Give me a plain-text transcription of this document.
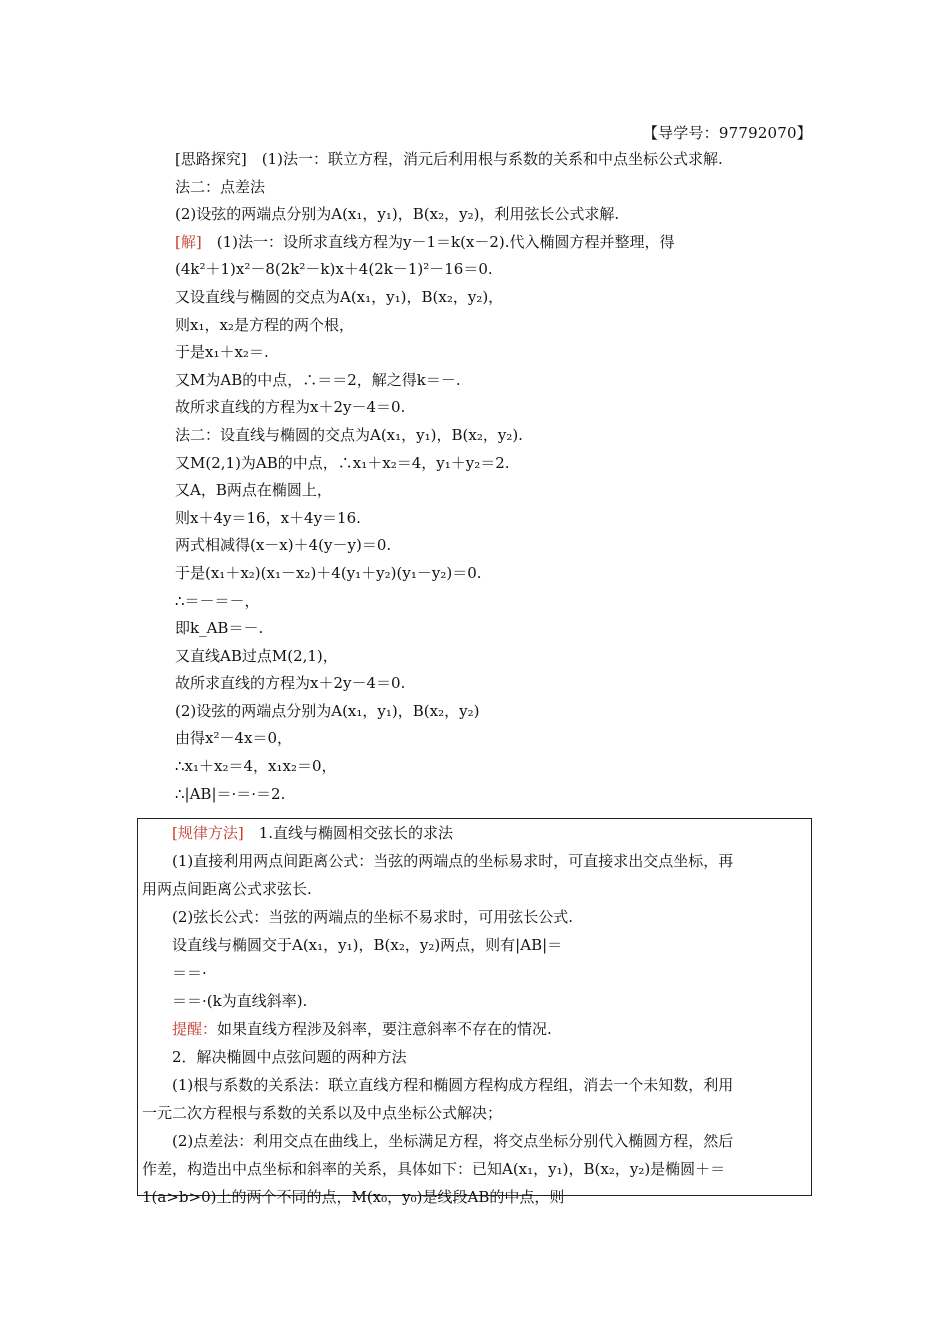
【导学号：97792070】
[思路探究]　(1)法一：联立方程，消元后利用根与系数的关系和中点坐标公式求解.
法二：点差法
(2)设弦的两端点分别为A(x₁，y₁)，B(x₂，y₂)，利用弦长公式求解.
[解]　(1)法一：设所求直线方程为y－1＝k(x－2).代入椭圆方程并整理，得
(4k²＋1)x²－8(2k²－k)x＋4(2k－1)²－16＝0.
又设直线与椭圆的交点为A(x₁，y₁)，B(x₂，y₂)，
则x₁，x₂是方程的两个根，
于是x₁＋x₂＝.
又M为AB的中点，∴＝＝2，解之得k＝－.
故所求直线的方程为x＋2y－4＝0.
法二：设直线与椭圆的交点为A(x₁，y₁)，B(x₂，y₂).
又M(2,1)为AB的中点，∴x₁＋x₂＝4，y₁＋y₂＝2.
又A，B两点在椭圆上，
则x＋4y＝16，x＋4y＝16.
两式相减得(x－x)＋4(y－y)＝0.
于是(x₁＋x₂)(x₁－x₂)＋4(y₁＋y₂)(y₁－y₂)＝0.
∴＝－＝－，
即k_AB＝－.
又直线AB过点M(2,1)，
故所求直线的方程为x＋2y－4＝0.
(2)设弦的两端点分别为A(x₁，y₁)，B(x₂，y₂)
由得x²－4x＝0，
∴x₁＋x₂＝4，x₁x₂＝0，
∴|AB|＝·＝·＝2.
[规律方法]　1.直线与椭圆相交弦长的求法
(1)直接利用两点间距离公式：当弦的两端点的坐标易求时，可直接求出交点坐标，再
用两点间距离公式求弦长.
(2)弦长公式：当弦的两端点的坐标不易求时，可用弦长公式.
设直线与椭圆交于A(x₁，y₁)，B(x₂，y₂)两点，则有|AB|＝
＝＝·
＝＝·(k为直线斜率).
提醒：如果直线方程涉及斜率，要注意斜率不存在的情况.
2．解决椭圆中点弦问题的两种方法
(1)根与系数的关系法：联立直线方程和椭圆方程构成方程组，消去一个未知数，利用
一元二次方程根与系数的关系以及中点坐标公式解决；
(2)点差法：利用交点在曲线上，坐标满足方程，将交点坐标分别代入椭圆方程，然后
作差，构造出中点坐标和斜率的关系，具体如下：已知A(x₁，y₁)，B(x₂，y₂)是椭圆＋＝
1(a>b>0)上的两个不同的点，M(x₀，y₀)是线段AB的中点，则
